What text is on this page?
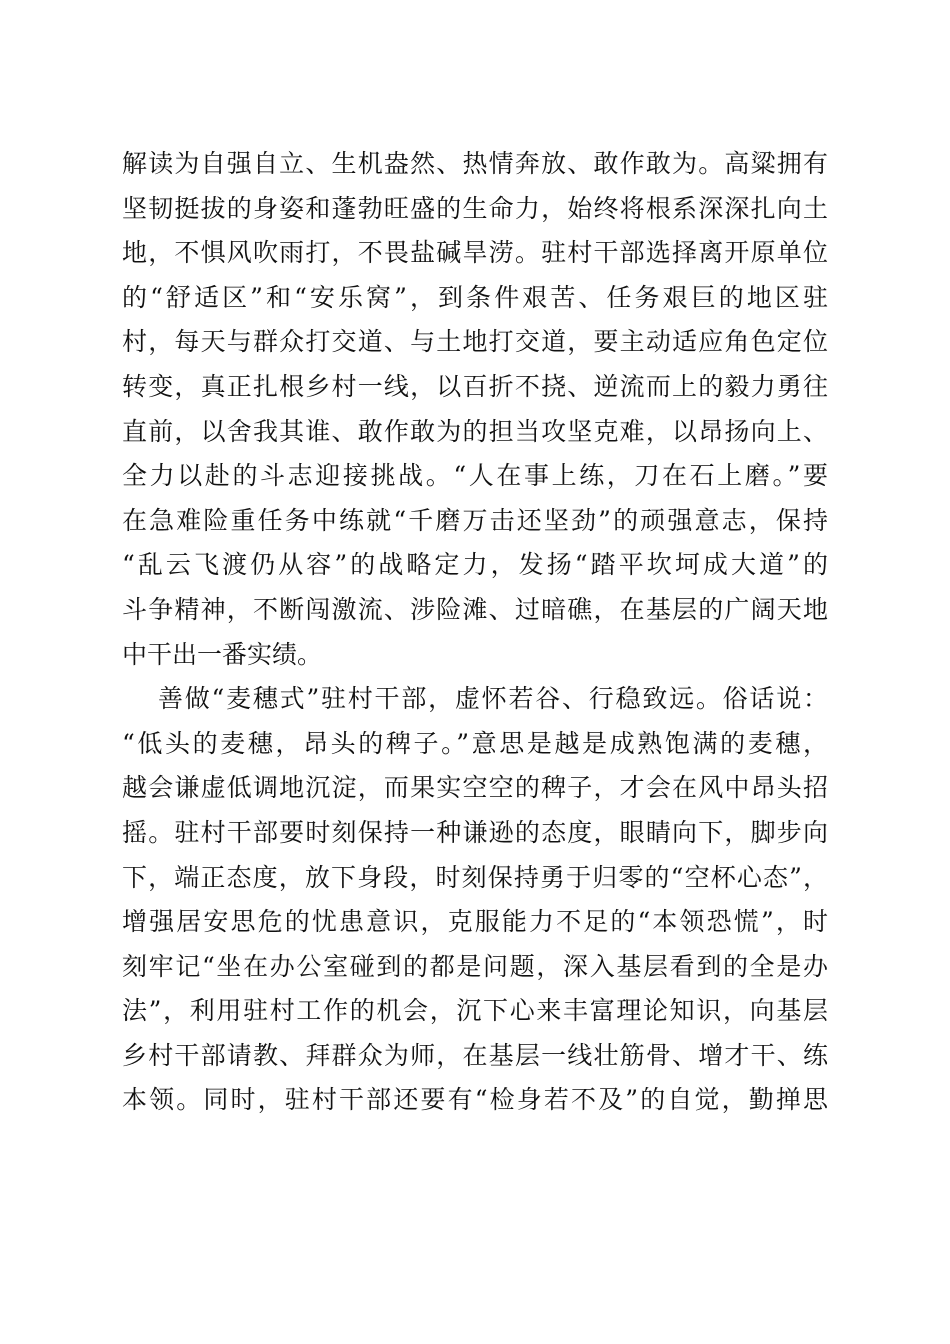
解读为自强自立、生机盎然、热情奔放、敢作敢为。高粱拥有
坚韧挺拔的身姿和蓬勃旺盛的生命力，始终将根系深深扎向土
地，不惧风吹雨打，不畏盐碱旱涝。驻村干部选择离开原单位
的“舒适区”和“安乐窝”，到条件艰苦、任务艰巨的地区驻
村，每天与群众打交道、与土地打交道，要主动适应角色定位
转变，真正扎根乡村一线，以百折不挠、逆流而上的毅力勇往
直前，以舍我其谁、敢作敢为的担当攻坚克难，以昂扬向上、
全力以赴的斗志迎接挑战。“人在事上练，刀在石上磨。”要
在急难险重任务中练就“千磨万击还坚劲”的顽强意志，保持
“乱云飞渡仍从容”的战略定力，发扬“踏平坎坷成大道”的
斗争精神，不断闯激流、涉险滩、过暗礁，在基层的广阔天地
中干出一番实绩。
善做“麦穗式”驻村干部，虚怀若谷、行稳致远。俗话说：
“低头的麦穗，昂头的稗子。”意思是越是成熟饱满的麦穗，
越会谦虚低调地沉淀，而果实空空的稗子，才会在风中昂头招
摇。驻村干部要时刻保持一种谦逊的态度，眼睛向下，脚步向
下，端正态度，放下身段，时刻保持勇于归零的“空杯心态”，
增强居安思危的忧患意识，克服能力不足的“本领恐慌”，时
刻牢记“坐在办公室碰到的都是问题，深入基层看到的全是办
法”，利用驻村工作的机会，沉下心来丰富理论知识，向基层
乡村干部请教、拜群众为师，在基层一线壮筋骨、增才干、练
本领。同时，驻村干部还要有“检身若不及”的自觉，勤掸思
